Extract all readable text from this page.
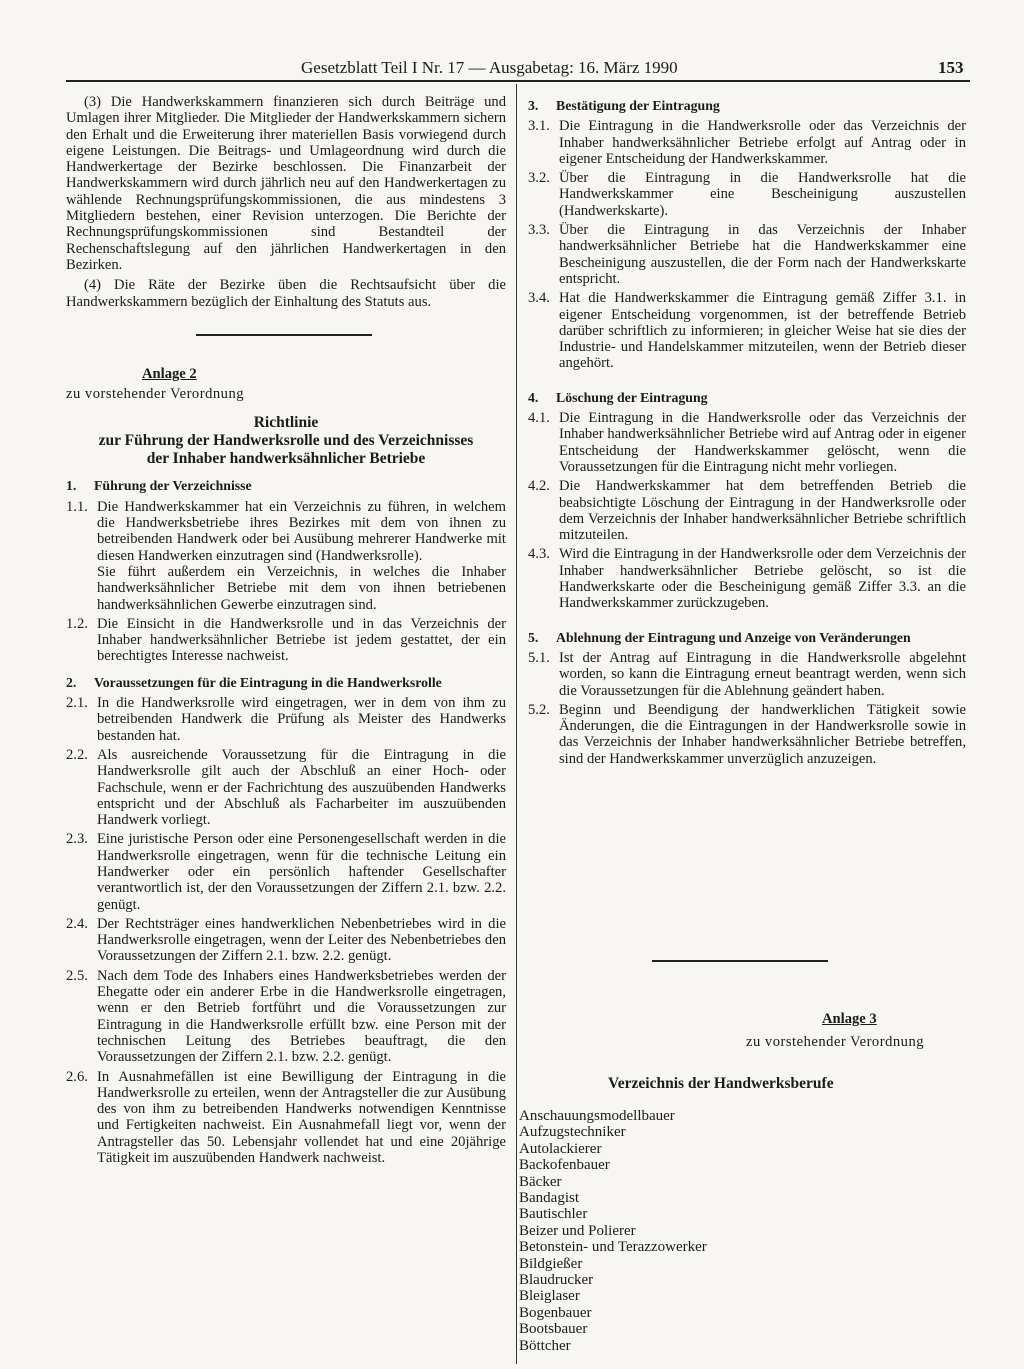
Gesetzblatt Teil I Nr. 17 — Ausgabetag: 16. März 1990	153

(3) Die Handwerkskammern finanzieren sich durch Beiträge und Umlagen ihrer Mitglieder. Die Mitglieder der Handwerkskammern sichern den Erhalt und die Erweiterung ihrer materiellen Basis vorwiegend durch eigene Leistungen. Die Beitrags- und Umlageordnung wird durch die Handwerkertage der Bezirke beschlossen. Die Finanzarbeit der Handwerkskammern wird durch jährlich neu auf den Handwerkertagen zu wählende Rechnungsprüfungskommissionen, die aus mindestens 3 Mitgliedern bestehen, einer Revision unterzogen. Die Berichte der Rechnungsprüfungskommissionen sind Bestandteil der Rechenschaftslegung auf den jährlichen Handwerkertagen in den Bezirken.

(4) Die Räte der Bezirke üben die Rechtsaufsicht über die Handwerkskammern bezüglich der Einhaltung des Statuts aus.

Anlage 2
zu vorstehender Verordnung
Richtlinie
zur Führung der Handwerksrolle und des Verzeichnisses
der Inhaber handwerksähnlicher Betriebe
1.	Führung der Verzeichnisse
1.1. Die Handwerkskammer hat ein Verzeichnis zu führen, in welchem die Handwerksbetriebe ihres Bezirkes mit dem von ihnen zu betreibenden Handwerk oder bei Ausübung mehrerer Handwerke mit diesen Handwerken einzutragen sind (Handwerksrolle).

Sie führt außerdem ein Verzeichnis, in welches die Inhaber handwerksähnlicher Betriebe mit dem von ihnen betriebenen handwerksähnlichen Gewerbe einzutragen sind.

1.2. Die Einsicht in die Handwerksrolle und in das Verzeichnis der Inhaber handwerksähnlicher Betriebe ist jedem gestattet, der ein berechtigtes Interesse nachweist.

2.	Voraussetzungen für die Eintragung in die Handwerksrolle
2.1. In die Handwerksrolle wird eingetragen, wer in dem von ihm zu betreibenden Handwerk die Prüfung als Meister des Handwerks bestanden hat.

2.2. Als ausreichende Voraussetzung für die Eintragung in die Handwerksrolle gilt auch der Abschluß an einer Hoch- oder Fachschule, wenn er der Fachrichtung des auszuübenden Handwerks entspricht und der Abschluß als Facharbeiter im auszuübenden Handwerk vorliegt.

2.3. Eine juristische Person oder eine Personengesellschaft werden in die Handwerksrolle eingetragen, wenn für die technische Leitung ein Handwerker oder ein persönlich haftender Gesellschafter verantwortlich ist, der den Voraussetzungen der Ziffern 2.1. bzw. 2.2. genügt.

2.4. Der Rechtsträger eines handwerklichen Nebenbetriebes wird in die Handwerksrolle eingetragen, wenn der Leiter des Nebenbetriebes den Voraussetzungen der Ziffern 2.1. bzw. 2.2. genügt.

2.5. Nach dem Tode des Inhabers eines Handwerksbetriebes werden der Ehegatte oder ein anderer Erbe in die Handwerksrolle eingetragen, wenn er den Betrieb fortführt und die Voraussetzungen zur Eintragung in die Handwerksrolle erfüllt bzw. eine Person mit der technischen Leitung des Betriebes beauftragt, die den Voraussetzungen der Ziffern 2.1. bzw. 2.2. genügt.

2.6. In Ausnahmefällen ist eine Bewilligung der Eintragung in die Handwerksrolle zu erteilen, wenn der Antragsteller die zur Ausübung des von ihm zu betreibenden Handwerks notwendigen Kenntnisse und Fertigkeiten nachweist. Ein Ausnahmefall liegt vor, wenn der Antragsteller das 50. Lebensjahr vollendet hat und eine 20jährige Tätigkeit im auszuübenden Handwerk nachweist.

3.	Bestätigung der Eintragung
3.1. Die Eintragung in die Handwerksrolle oder das Verzeichnis der Inhaber handwerksähnlicher Betriebe erfolgt auf Antrag oder in eigener Entscheidung der Handwerkskammer.

3.2. Über die Eintragung in die Handwerksrolle hat die Handwerkskammer eine Bescheinigung auszustellen (Handwerkskarte).

3.3. Über die Eintragung in das Verzeichnis der Inhaber handwerksähnlicher Betriebe hat die Handwerkskammer eine Bescheinigung auszustellen, die der Form nach der Handwerkskarte entspricht.

3.4. Hat die Handwerkskammer die Eintragung gemäß Ziffer 3.1. in eigener Entscheidung vorgenommen, ist der betreffende Betrieb darüber schriftlich zu informieren; in gleicher Weise hat sie dies der Industrie- und Handelskammer mitzuteilen, wenn der Betrieb dieser angehört.

4.	Löschung der Eintragung
4.1. Die Eintragung in die Handwerksrolle oder das Verzeichnis der Inhaber handwerksähnlicher Betriebe wird auf Antrag oder in eigener Entscheidung der Handwerkskammer gelöscht, wenn die Voraussetzungen für die Eintragung nicht mehr vorliegen.

4.2. Die Handwerkskammer hat dem betreffenden Betrieb die beabsichtigte Löschung der Eintragung in der Handwerksrolle oder dem Verzeichnis der Inhaber handwerksähnlicher Betriebe schriftlich mitzuteilen.

4.3. Wird die Eintragung in der Handwerksrolle oder dem Verzeichnis der Inhaber handwerksähnlicher Betriebe gelöscht, so ist die Handwerkskarte oder die Bescheinigung gemäß Ziffer 3.3. an die Handwerkskammer zurückzugeben.

5.	Ablehnung der Eintragung und Anzeige von Veränderungen
5.1. Ist der Antrag auf Eintragung in die Handwerksrolle abgelehnt worden, so kann die Eintragung erneut beantragt werden, wenn sich die Voraussetzungen für die Ablehnung geändert haben.

5.2. Beginn und Beendigung der handwerklichen Tätigkeit sowie Änderungen, die die Eintragungen in der Handwerksrolle sowie in das Verzeichnis der Inhaber handwerksähnlicher Betriebe betreffen, sind der Handwerkskammer unverzüglich anzuzeigen.

Anlage 3
zu vorstehender Verordnung
Verzeichnis der Handwerksberufe
Anschauungsmodellbauer
Aufzugstechniker
Autolackierer
Backofenbauer
Bäcker
Bandagist
Bautischler
Beizer und Polierer
Betonstein- und Terazzowerker
Bildgießer
Blaudrucker
Bleiglaser
Bogenbauer
Bootsbauer
Böttcher
